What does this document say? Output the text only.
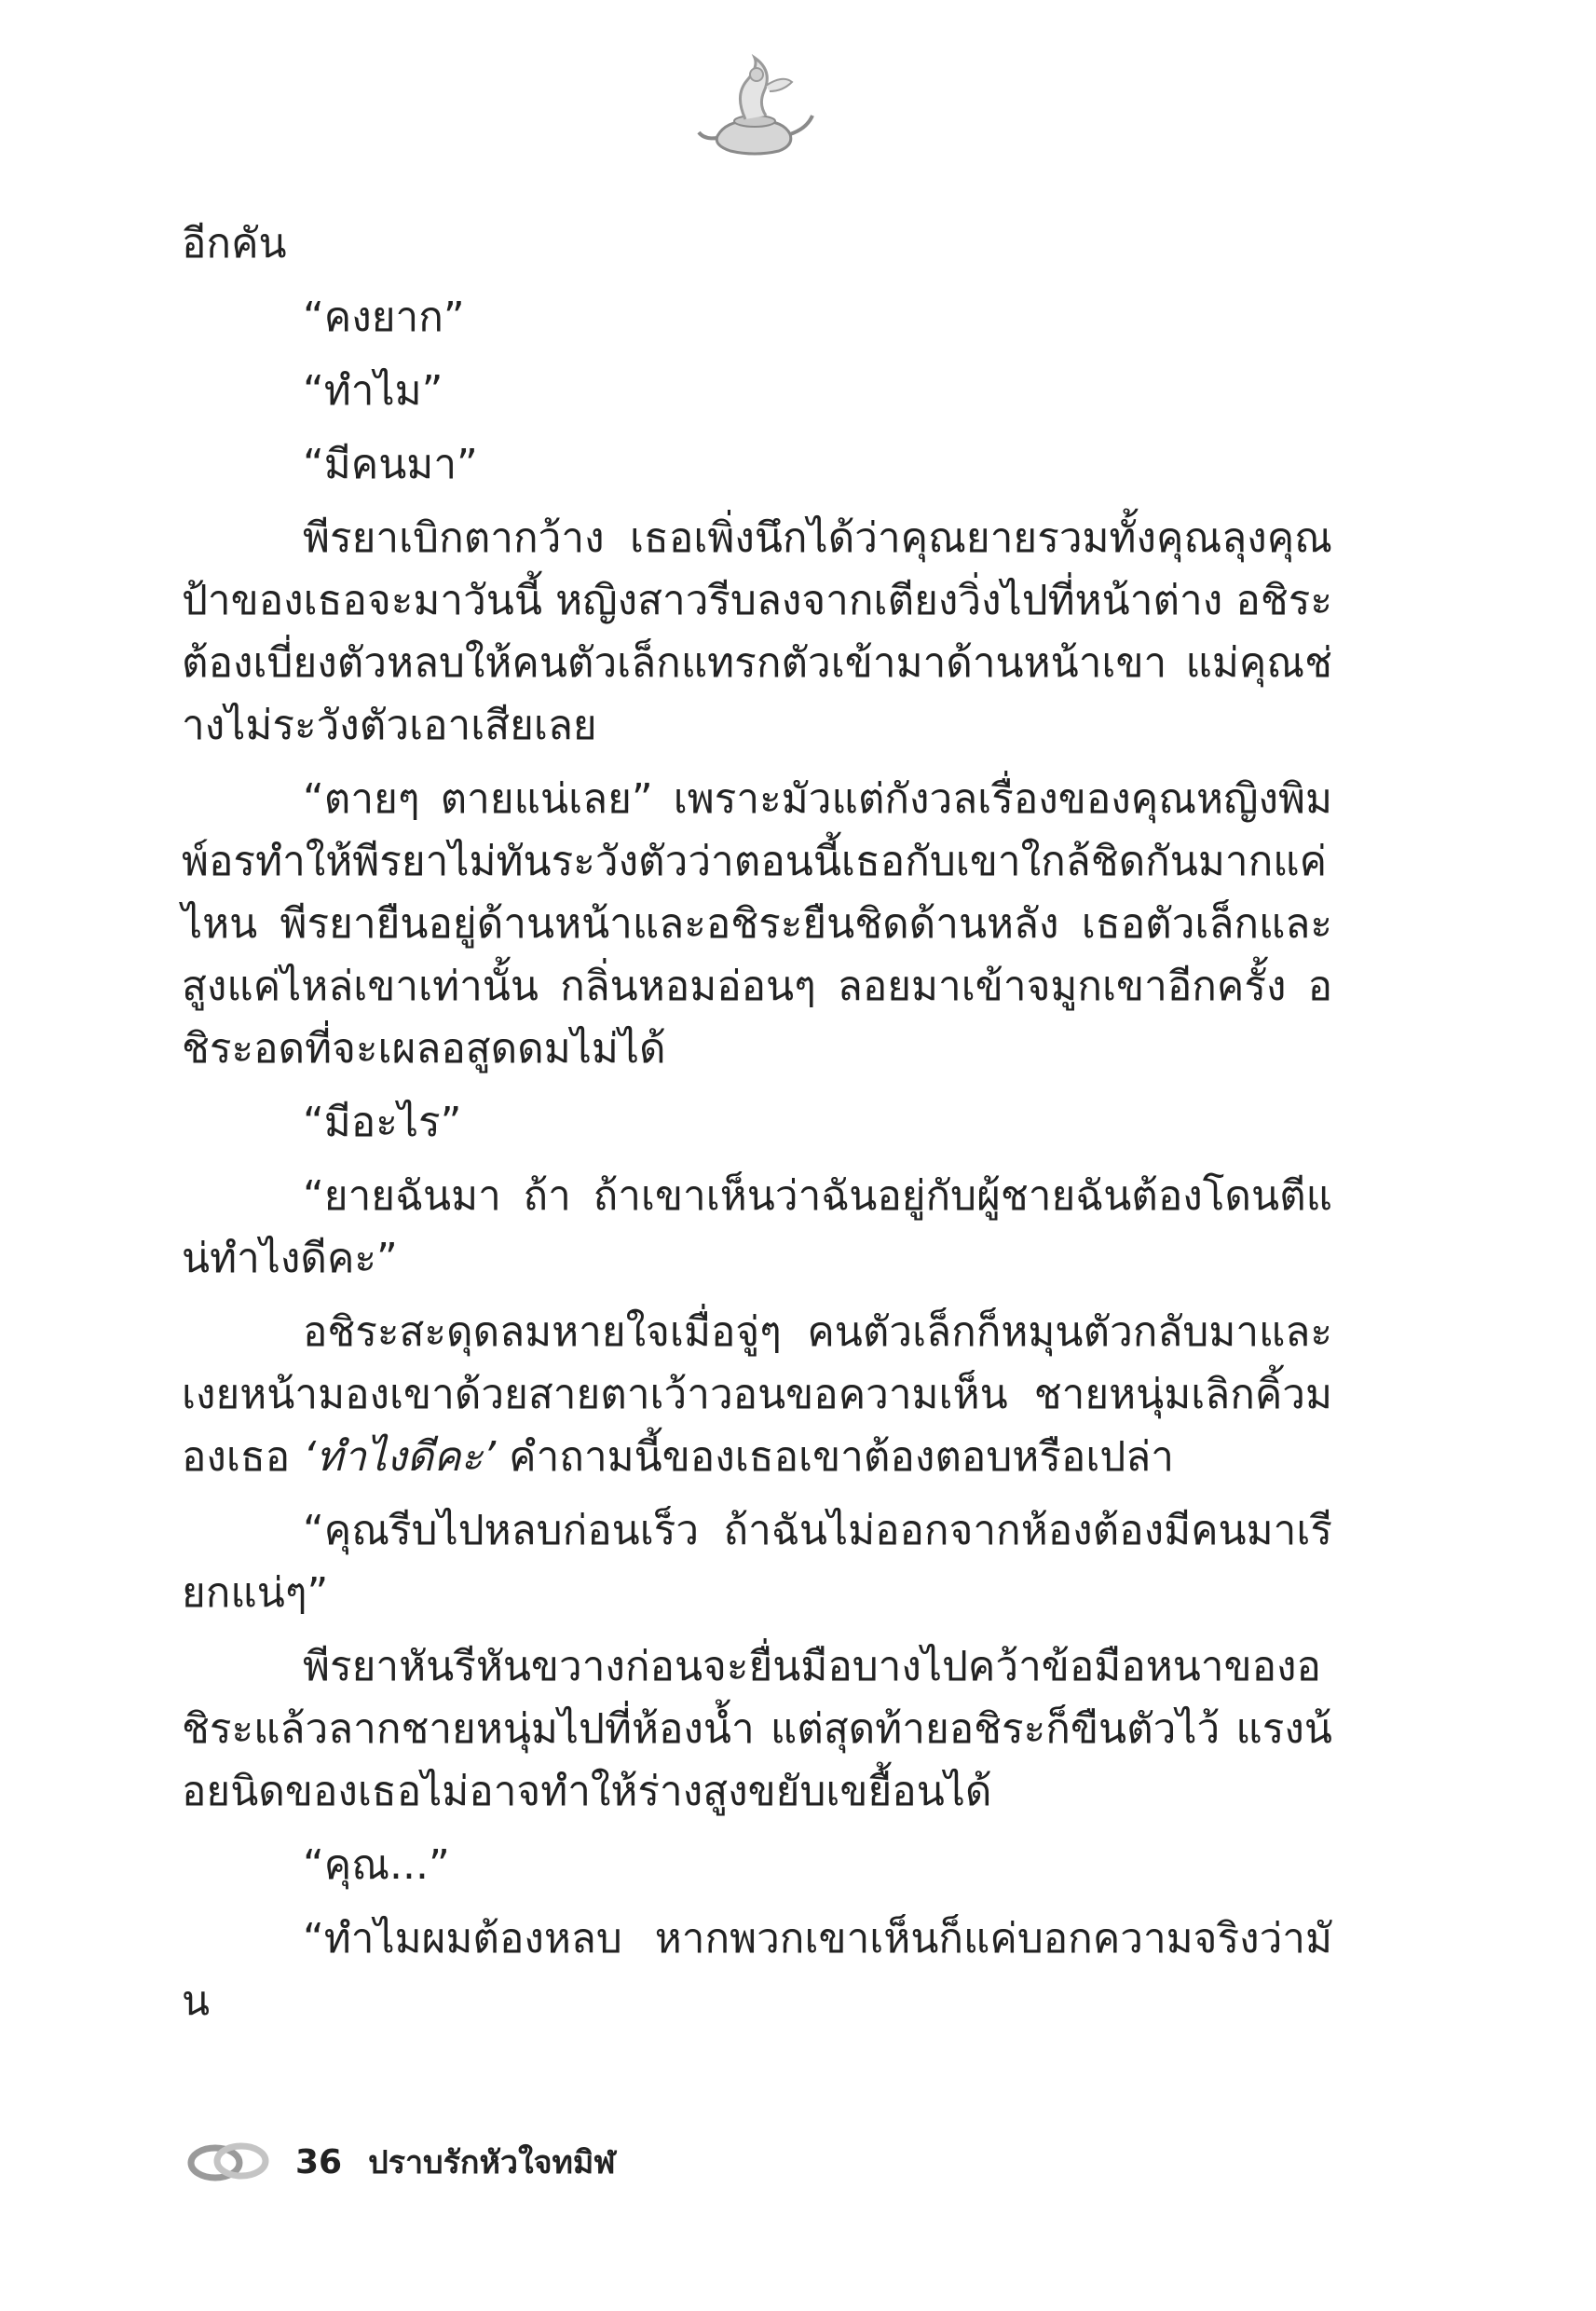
อีกคัน

“คงยาก”

“ทำไม”

“มีคนมา”

พีรยาเบิกตากว้าง เธอเพิ่งนึกได้ว่าคุณยายรวมทั้งคุณลุงคุณป้าของเธอจะมาวันนี้ หญิงสาวรีบลงจากเตียงวิ่งไปที่หน้าต่าง อชิระต้องเบี่ยงตัวหลบให้คนตัวเล็กแทรกตัวเข้ามาด้านหน้าเขา แม่คุณช่างไม่ระวังตัวเอาเสียเลย

“ตายๆ ตายแน่เลย” เพราะมัวแต่กังวลเรื่องของคุณหญิงพิมพ์อรทำให้พีรยาไม่ทันระวังตัวว่าตอนนี้เธอกับเขาใกล้ชิดกันมากแค่ไหน พีรยายืนอยู่ด้านหน้าและอชิระยืนชิดด้านหลัง เธอตัวเล็กและสูงแค่ไหล่เขาเท่านั้น กลิ่นหอมอ่อนๆ ลอยมาเข้าจมูกเขาอีกครั้ง อชิระอดที่จะเผลอสูดดมไม่ได้

“มีอะไร”

“ยายฉันมา ถ้า ถ้าเขาเห็นว่าฉันอยู่กับผู้ชายฉันต้องโดนตีแน่ทำไงดีคะ”

อชิระสะดุดลมหายใจเมื่อจู่ๆ คนตัวเล็กก็หมุนตัวกลับมาและเงยหน้ามองเขาด้วยสายตาเว้าวอนขอความเห็น ชายหนุ่มเลิกคิ้วมองเธอ ‘ทำไงดีคะ’ คำถามนี้ของเธอเขาต้องตอบหรือเปล่า

“คุณรีบไปหลบก่อนเร็ว ถ้าฉันไม่ออกจากห้องต้องมีคนมาเรียกแน่ๆ”

พีรยาหันรีหันขวางก่อนจะยื่นมือบางไปคว้าข้อมือหนาของอชิระแล้วลากชายหนุ่มไปที่ห้องน้ำ แต่สุดท้ายอชิระก็ขืนตัวไว้ แรงน้อยนิดของเธอไม่อาจทำให้ร่างสูงขยับเขยื้อนได้

“คุณ...”

“ทำไมผมต้องหลบ หากพวกเขาเห็นก็แค่บอกความจริงว่ามัน

36 ปราบรักหัวใจทมิฬ
